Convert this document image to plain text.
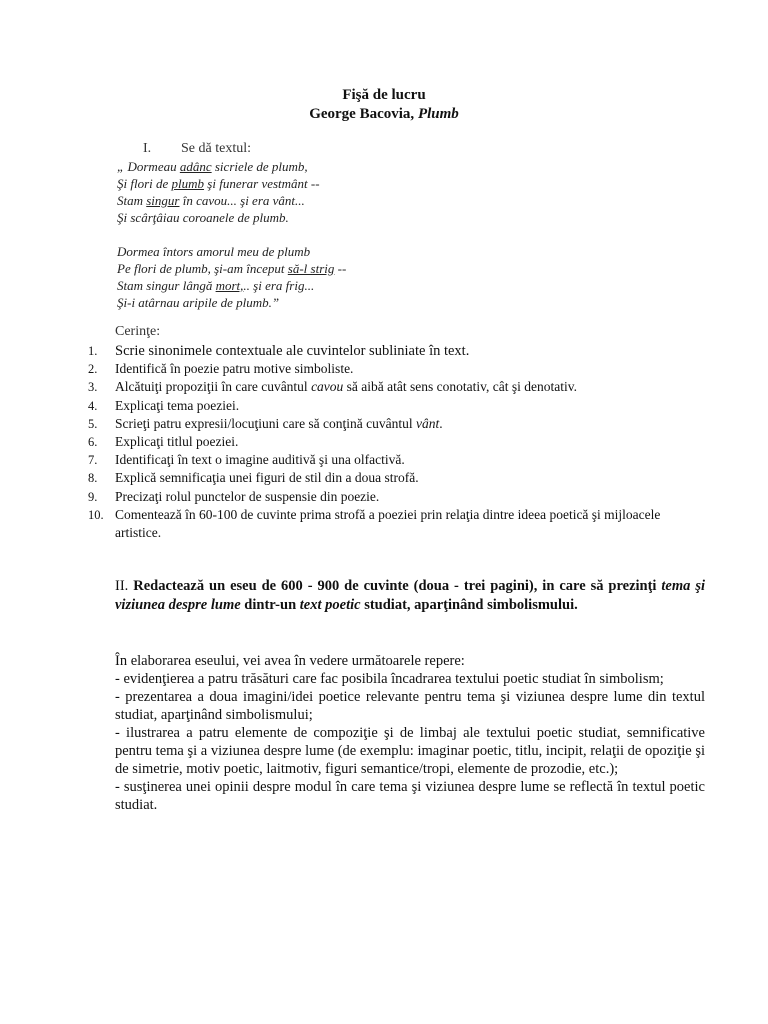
Fişă de lucru
George Bacovia, Plumb
I. Se dă textul:
„ Dormeau adânc sicriele de plumb,
Şi flori de plumb şi funerar vestmânt --
Stam singur în cavou... şi era vânt...
Şi scârţâiau coroanele de plumb.
Dormea întors amorul meu de plumb
Pe flori de plumb, şi-am început să-l strig --
Stam singur lângă mort,.. şi era frig...
Şi-i atârnau aripile de plumb.”
Cerinţe:
1.	Scrie sinonimele contextuale ale cuvintelor subliniate în text.
2.	Identifică în poezie patru motive simboliste.
3.	Alcătuiţi propoziţii în care cuvântul cavou să aibă atât sens conotativ, cât şi denotativ.
4.	Explicaţi tema poeziei.
5.	Scrieţi patru expresii/locuţiuni care să conţină cuvântul vânt.
6.	Explicaţi titlul poeziei.
7.	Identificaţi în text o imagine auditivă şi una olfactivă.
8.	Explică semnificaţia unei figuri de stil din a doua strofă.
9.	Precizaţi rolul punctelor de suspensie din poezie.
10. Comentează în 60-100 de cuvinte prima strofă a poeziei prin relaţia dintre ideea poetică şi mijloacele artistice.
II. Redactează un eseu de 600 - 900 de cuvinte (doua - trei pagini), in care să prezinţi tema şi viziunea despre lume dintr-un text poetic studiat, aparţinând simbolismului.

În elaborarea eseului, vei avea în vedere următoarele repere:

- evidenţierea a patru trăsături care fac posibila încadrarea textului poetic studiat în simbolism;

- prezentarea a doua imagini/idei poetice relevante pentru tema şi viziunea despre lume din textul studiat, aparţinând simbolismului;

- ilustrarea a patru elemente de compoziţie şi de limbaj ale textului poetic studiat, semnificative pentru tema şi a viziunea despre lume (de exemplu: imaginar poetic, titlu, incipit, relaţii de opoziţie şi de simetrie, motiv poetic, laitmotiv, figuri semantice/tropi, elemente de prozodie, etc.);

- susţinerea unei opinii despre modul în care tema şi viziunea despre lume se reflectă în textul poetic studiat.
